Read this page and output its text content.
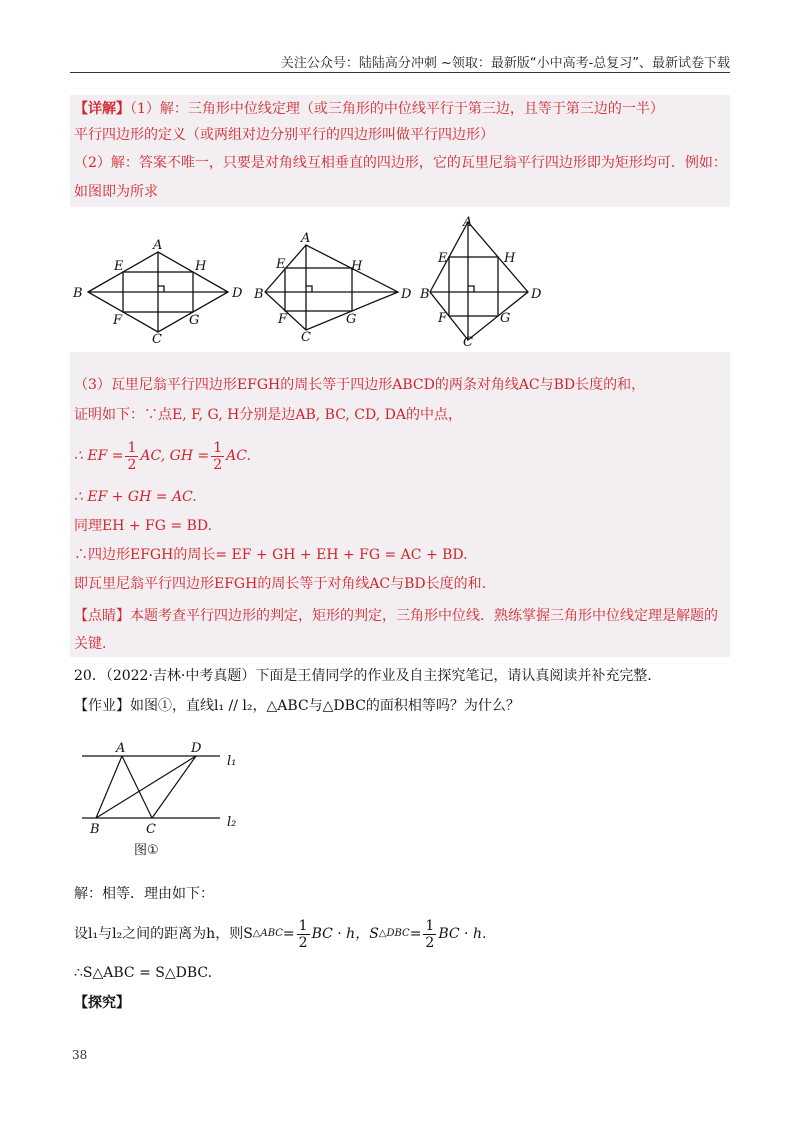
关注公众号：陆陆高分冲刺 ~领取：最新版“小中高考-总复习”、最新试卷下载
【详解】（1）解：三角形中位线定理（或三角形的中位线平行于第三边，且等于第三边的一半）
平行四边形的定义（或两组对边分别平行的四边形叫做平行四边形）
（2）解：答案不唯一，只要是对角线互相垂直的四边形，它的瓦里尼翁平行四边形即为矩形均可．例如：
如图即为所求
A
B
C
D
E
F	G
H
A
B
C
D
E
F	G
H
A
B
C
D
E
F	G
H
（3）瓦里尼翁平行四边形EFGH的周长等于四边形ABCD的两条对角线AC与BD长度的和，
证明如下：∵点E, F, G, H分别是边AB, BC, CD, DA的中点，
∴ EF = $\frac{1}{2}$ AC, GH = $\frac{1}{2}$ AC.
∴ EF + GH = AC.
同理EH + FG = BD.
∴四边形EFGH的周长= EF + GH + EH + FG = AC + BD.
即瓦里尼翁平行四边形EFGH的周长等于对角线AC与BD长度的和.
【点睛】本题考查平行四边形的判定，矩形的判定，三角形中位线．熟练掌握三角形中位线定理是解题的
关键.
20．（2022·吉林·中考真题）下面是王倩同学的作业及自主探究笔记，请认真阅读并补充完整．
【作业】如图①，直线l₁ // l₂，△ABC与△DBC的面积相等吗？为什么？
A	D
B	C
l₁
l₂
图①
解：相等．理由如下：
设l₁与l₂之间的距离为h，则S △ABC = $\frac{1}{2}$ BC · h，S △DBC = $\frac{1}{2}$ BC · h.
∴S△ABC = S△DBC.
【探究】
38
